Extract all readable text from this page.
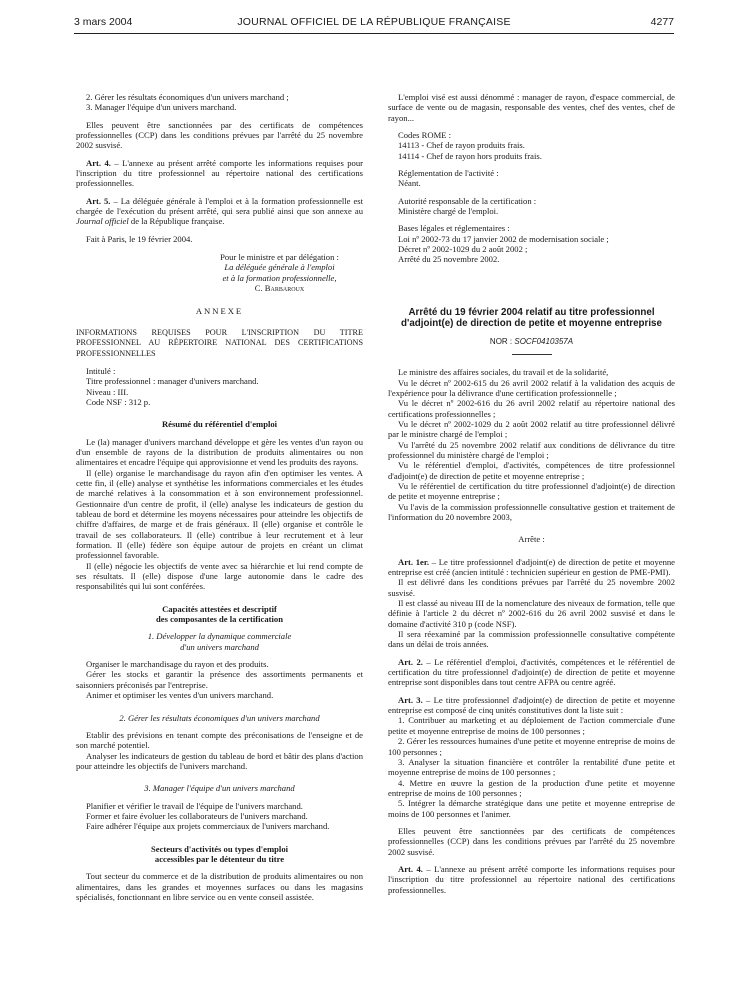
3 mars 2004	JOURNAL OFFICIEL DE LA RÉPUBLIQUE FRANÇAISE	4277

2. Gérer les résultats économiques d'un univers marchand ;

3. Manager l'équipe d'un univers marchand.

Elles peuvent être sanctionnées par des certificats de compétences professionnelles (CCP) dans les conditions prévues par l'arrêté du 25 novembre 2002 susvisé.

Art. 4. – L'annexe au présent arrêté comporte les informations requises pour l'inscription du titre professionnel au répertoire national des certifications professionnelles.

Art. 5. – La déléguée générale à l'emploi et à la formation professionnelle est chargée de l'exécution du présent arrêté, qui sera publié ainsi que son annexe au Journal officiel de la République française.

Fait à Paris, le 19 février 2004.

Pour le ministre et par délégation :

La déléguée générale à l'emploi

et à la formation professionnelle,

C. Barbaroux

ANNEXE

INFORMATIONS REQUISES POUR L'INSCRIPTION DU TITRE PROFESSIONNEL AU RÉPERTOIRE NATIONAL DES CERTIFICATIONS PROFESSIONNELLES

Intitulé :

Titre professionnel : manager d'univers marchand.

Niveau : III.

Code NSF : 312 p.

Résumé du référentiel d'emploi

Le (la) manager d'univers marchand développe et gère les ventes d'un rayon ou d'un ensemble de rayons de la distribution de produits alimentaires ou non alimentaires et encadre l'équipe qui approvisionne et vend les produits des rayons.

Il (elle) organise le marchandisage du rayon afin d'en optimiser les ventes. A cette fin, il (elle) analyse et synthétise les informations commerciales et les études de marché relatives à la consommation et à son environnement professionnel. Gestionnaire d'un centre de profit, il (elle) analyse les indicateurs de gestion du tableau de bord et détermine les moyens nécessaires pour atteindre les objectifs de chiffre d'affaires, de marge et de frais généraux. Il (elle) organise et contrôle le travail de ses collaborateurs. Il (elle) contribue à leur recrutement et à leur formation. Il (elle) fédère son équipe autour de projets en créant un climat professionnel favorable.

Il (elle) négocie les objectifs de vente avec sa hiérarchie et lui rend compte de ses résultats. Il (elle) dispose d'une large autonomie dans le cadre des responsabilités qui lui sont conférées.

Capacités attestées et descriptif

des composantes de la certification

1. Développer la dynamique commerciale

d'un univers marchand

Organiser le marchandisage du rayon et des produits.

Gérer les stocks et garantir la présence des assortiments permanents et saisonniers préconisés par l'entreprise.

Animer et optimiser les ventes d'un univers marchand.

2. Gérer les résultats économiques d'un univers marchand

Etablir des prévisions en tenant compte des préconisations de l'enseigne et de son marché potentiel.

Analyser les indicateurs de gestion du tableau de bord et bâtir des plans d'action pour atteindre les objectifs de l'univers marchand.

3. Manager l'équipe d'un univers marchand

Planifier et vérifier le travail de l'équipe de l'univers marchand.

Former et faire évoluer les collaborateurs de l'univers marchand.

Faire adhérer l'équipe aux projets commerciaux de l'univers marchand.

Secteurs d'activités ou types d'emploi

accessibles par le détenteur du titre

Tout secteur du commerce et de la distribution de produits alimentaires ou non alimentaires, dans les grandes et moyennes surfaces ou dans les magasins spécialisés, fonctionnant en libre service ou en vente conseil assistée.

L'emploi visé est aussi dénommé : manager de rayon, d'espace commercial, de surface de vente ou de magasin, responsable des ventes, chef des ventes, chef de rayon...

Codes ROME :

14113 - Chef de rayon produits frais.

14114 - Chef de rayon hors produits frais.

Réglementation de l'activité :

Néant.

Autorité responsable de la certification :

Ministère chargé de l'emploi.

Bases légales et réglementaires :

Loi nº 2002-73 du 17 janvier 2002 de modernisation sociale ;

Décret nº 2002-1029 du 2 août 2002 ;

Arrêté du 25 novembre 2002.

Arrêté du 19 février 2004 relatif au titre professionnel d'adjoint(e) de direction de petite et moyenne entreprise

NOR : SOCF0410357A

Le ministre des affaires sociales, du travail et de la solidarité,

Vu le décret nº 2002-615 du 26 avril 2002 relatif à la validation des acquis de l'expérience pour la délivrance d'une certification professionnelle ;

Vu le décret nº 2002-616 du 26 avril 2002 relatif au répertoire national des certifications professionnelles ;

Vu le décret nº 2002-1029 du 2 août 2002 relatif au titre professionnel délivré par le ministre chargé de l'emploi ;

Vu l'arrêté du 25 novembre 2002 relatif aux conditions de délivrance du titre professionnel du ministère chargé de l'emploi ;

Vu le référentiel d'emploi, d'activités, compétences de titre professionnel d'adjoint(e) de direction de petite et moyenne entreprise ;

Vu le référentiel de certification du titre professionnel d'adjoint(e) de direction de petite et moyenne entreprise ;

Vu l'avis de la commission professionnelle consultative gestion et traitement de l'information du 20 novembre 2003,

Arrête :

Art. 1er. – Le titre professionnel d'adjoint(e) de direction de petite et moyenne entreprise est créé (ancien intitulé : technicien supérieur en gestion de PME-PMI).

Il est délivré dans les conditions prévues par l'arrêté du 25 novembre 2002 susvisé.

Il est classé au niveau III de la nomenclature des niveaux de formation, telle que définie à l'article 2 du décret nº 2002-616 du 26 avril 2002 susvisé et dans le domaine d'activité 310 p (code NSF).

Il sera réexaminé par la commission professionnelle consultative compétente dans un délai de trois années.

Art. 2. – Le référentiel d'emploi, d'activités, compétences et le référentiel de certification du titre professionnel d'adjoint(e) de direction de petite et moyenne entreprise sont disponibles dans tout centre AFPA ou centre agréé.

Art. 3. – Le titre professionnel d'adjoint(e) de direction de petite et moyenne entreprise est composé de cinq unités constitutives dont la liste suit :

1. Contribuer au marketing et au déploiement de l'action commerciale d'une petite et moyenne entreprise de moins de 100 personnes ;

2. Gérer les ressources humaines d'une petite et moyenne entreprise de moins de 100 personnes ;

3. Analyser la situation financière et contrôler la rentabilité d'une petite et moyenne entreprise de moins de 100 personnes ;

4. Mettre en œuvre la gestion de la production d'une petite et moyenne entreprise de moins de 100 personnes ;

5. Intégrer la démarche stratégique dans une petite et moyenne entreprise de moins de 100 personnes et l'animer.

Elles peuvent être sanctionnées par des certificats de compétences professionnelles (CCP) dans les conditions prévues par l'arrêté du 25 novembre 2002 susvisé.

Art. 4. – L'annexe au présent arrêté comporte les informations requises pour l'inscription du titre professionnel au répertoire national des certifications professionnelles.
